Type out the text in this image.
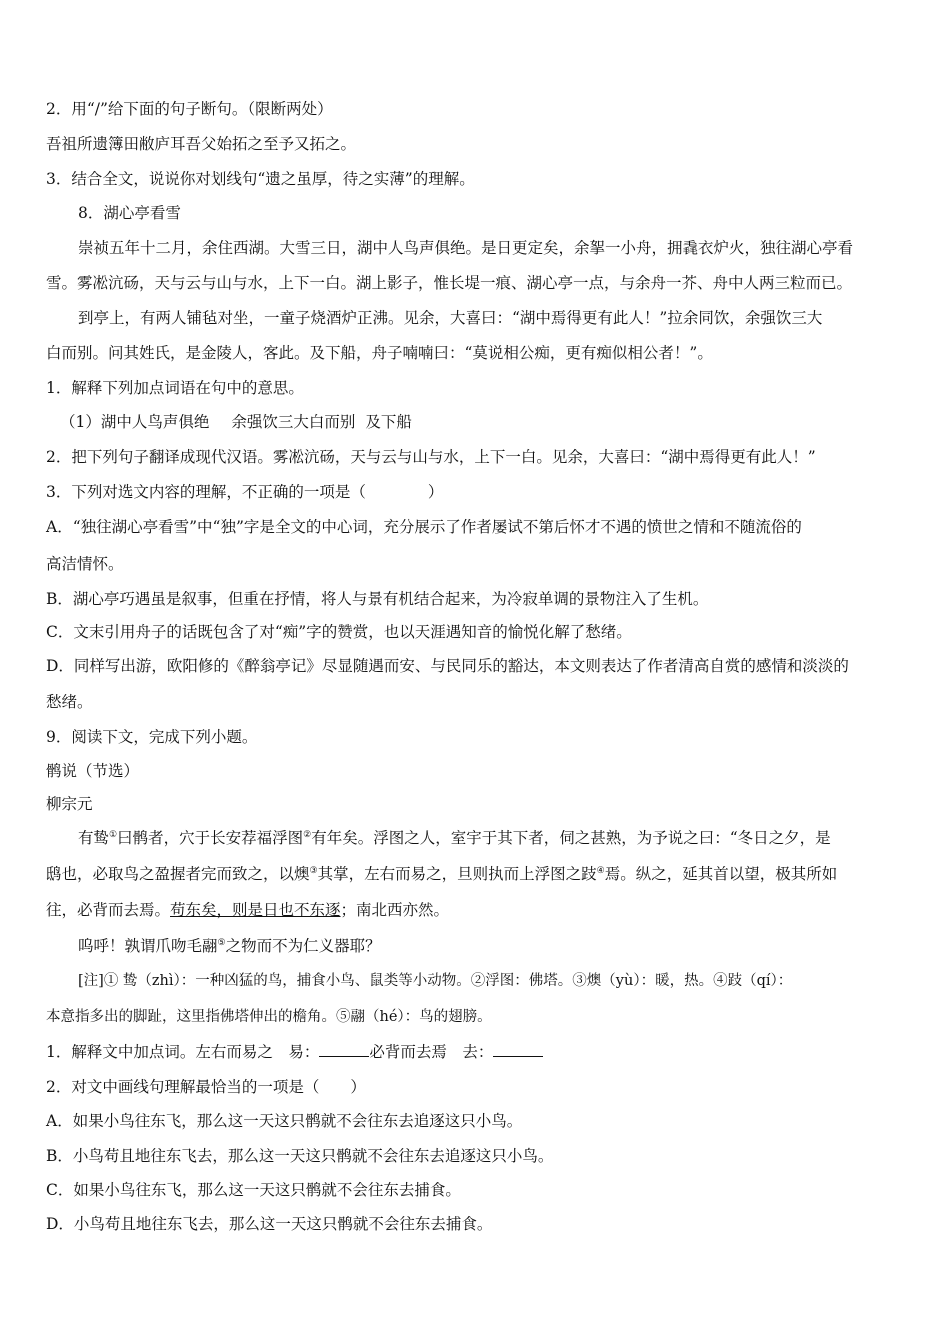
2．用“/”给下面的句子断句。（限断两处）
吾祖所遗簿田敝庐耳吾父始拓之至予又拓之。
3．结合全文，说说你对划线句“遗之虽厚，待之实薄”的理解。
8．湖心亭看雪
崇祯五年十二月，余住西湖。大雪三日，湖中人鸟声俱绝。是日更定矣，余挐一小舟，拥毳衣炉火，独往湖心亭看
雪。雾凇沆砀，天与云与山与水，上下一白。湖上影子，惟长堤一痕、湖心亭一点，与余舟一芥、舟中人两三粒而已。
到亭上，有两人铺毡对坐，一童子烧酒炉正沸。见余，大喜曰：“湖中焉得更有此人！”拉余同饮，余强饮三大
白而别。问其姓氏，是金陵人，客此。及下船，舟子喃喃曰：“莫说相公痴，更有痴似相公者！”。
1．解释下列加点词语在句中的意思。
（1）湖中人鸟声俱绝 余强饮三大白而别 及下船
2．把下列句子翻译成现代汉语。雾凇沆砀，天与云与山与水，上下一白。见余，大喜曰：“湖中焉得更有此人！”
3．下列对选文内容的理解，不正确的一项是（　　　　）
A．“独往湖心亭看雪”中“独”字是全文的中心词，充分展示了作者屡试不第后怀才不遇的愤世之情和不随流俗的
高洁情怀。
B．湖心亭巧遇虽是叙事，但重在抒情，将人与景有机结合起来，为冷寂单调的景物注入了生机。
C．文末引用舟子的话既包含了对“痴”字的赞赏，也以天涯遇知音的愉悦化解了愁绪。
D．同样写出游，欧阳修的《醉翁亭记》尽显随遇而安、与民同乐的豁达，本文则表达了作者清高自赏的感情和淡淡的
愁绪。
9．阅读下文，完成下列小题。
鹘说（节选）
柳宗元
有鸷①曰鹘者，穴于长安荐福浮图②有年矣。浮图之人，室宇于其下者，伺之甚熟，为予说之曰：“冬日之夕，是
鸱也，必取鸟之盈握者完而致之，以燠③其掌，左右而易之，旦则执而上浮图之跂④焉。纵之，延其首以望，极其所如
往，必背而去焉。苟东矣，则是日也不东逐；南北西亦然。
呜呼！孰谓爪吻毛翮⑤之物而不为仁义器耶？
[注]① 鸷（zhì）：一种凶猛的鸟，捕食小鸟、鼠类等小动物。②浮图：佛塔。③燠（yù）：暖，热。④跂（qí）：
本意指多出的脚趾，这里指佛塔伸出的檐角。⑤翮（hé）：鸟的翅膀。
1．解释文中加点词。左右而易之　易：	必背而去焉　去：
2．对文中画线句理解最恰当的一项是（　　）
A．如果小鸟往东飞，那么这一天这只鹘就不会往东去追逐这只小鸟。
B．小鸟苟且地往东飞去，那么这一天这只鹘就不会往东去追逐这只小鸟。
C．如果小鸟往东飞，那么这一天这只鹘就不会往东去捕食。
D．小鸟苟且地往东飞去，那么这一天这只鹘就不会往东去捕食。
